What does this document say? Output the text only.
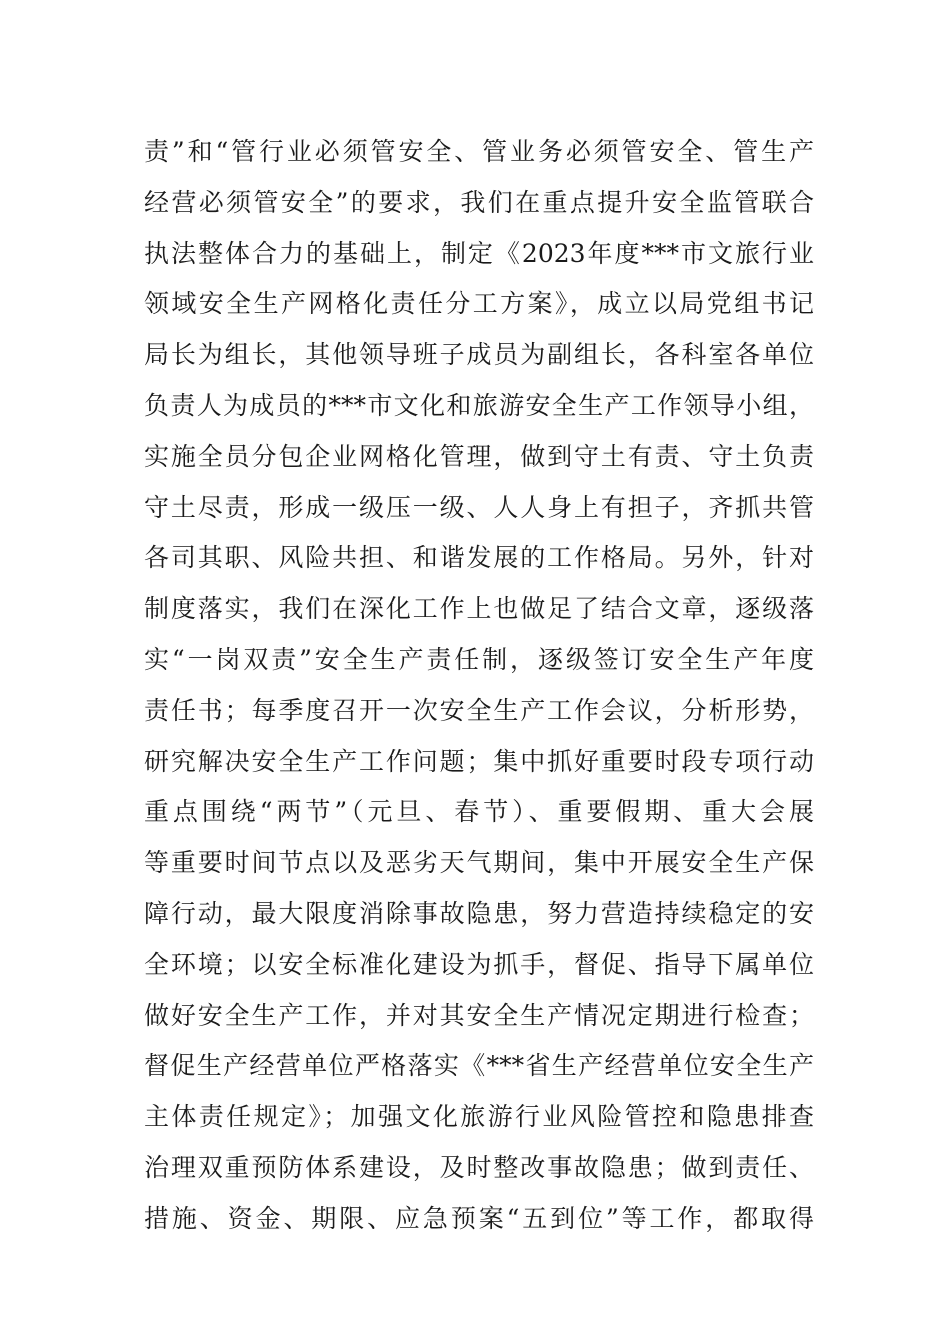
责”和“管行业必须管安全、管业务必须管安全、管生产
经营必须管安全”的要求，我们在重点提升安全监管联合
执法整体合力的基础上，制定《2023年度***市文旅行业
领域安全生产网格化责任分工方案》，成立以局党组书记
局长为组长，其他领导班子成员为副组长，各科室各单位
负责人为成员的***市文化和旅游安全生产工作领导小组，
实施全员分包企业网格化管理，做到守土有责、守土负责
守土尽责，形成一级压一级、人人身上有担子，齐抓共管
各司其职、风险共担、和谐发展的工作格局。另外，针对
制度落实，我们在深化工作上也做足了结合文章，逐级落
实“一岗双责”安全生产责任制，逐级签订安全生产年度
责任书；每季度召开一次安全生产工作会议，分析形势，
研究解决安全生产工作问题；集中抓好重要时段专项行动
重点围绕“两节”（元旦、春节）、重要假期、重大会展
等重要时间节点以及恶劣天气期间，集中开展安全生产保
障行动，最大限度消除事故隐患，努力营造持续稳定的安
全环境；以安全标准化建设为抓手，督促、指导下属单位
做好安全生产工作，并对其安全生产情况定期进行检查；
督促生产经营单位严格落实《***省生产经营单位安全生产
主体责任规定》；加强文化旅游行业风险管控和隐患排查
治理双重预防体系建设，及时整改事故隐患；做到责任、
措施、资金、期限、应急预案“五到位”等工作，都取得
